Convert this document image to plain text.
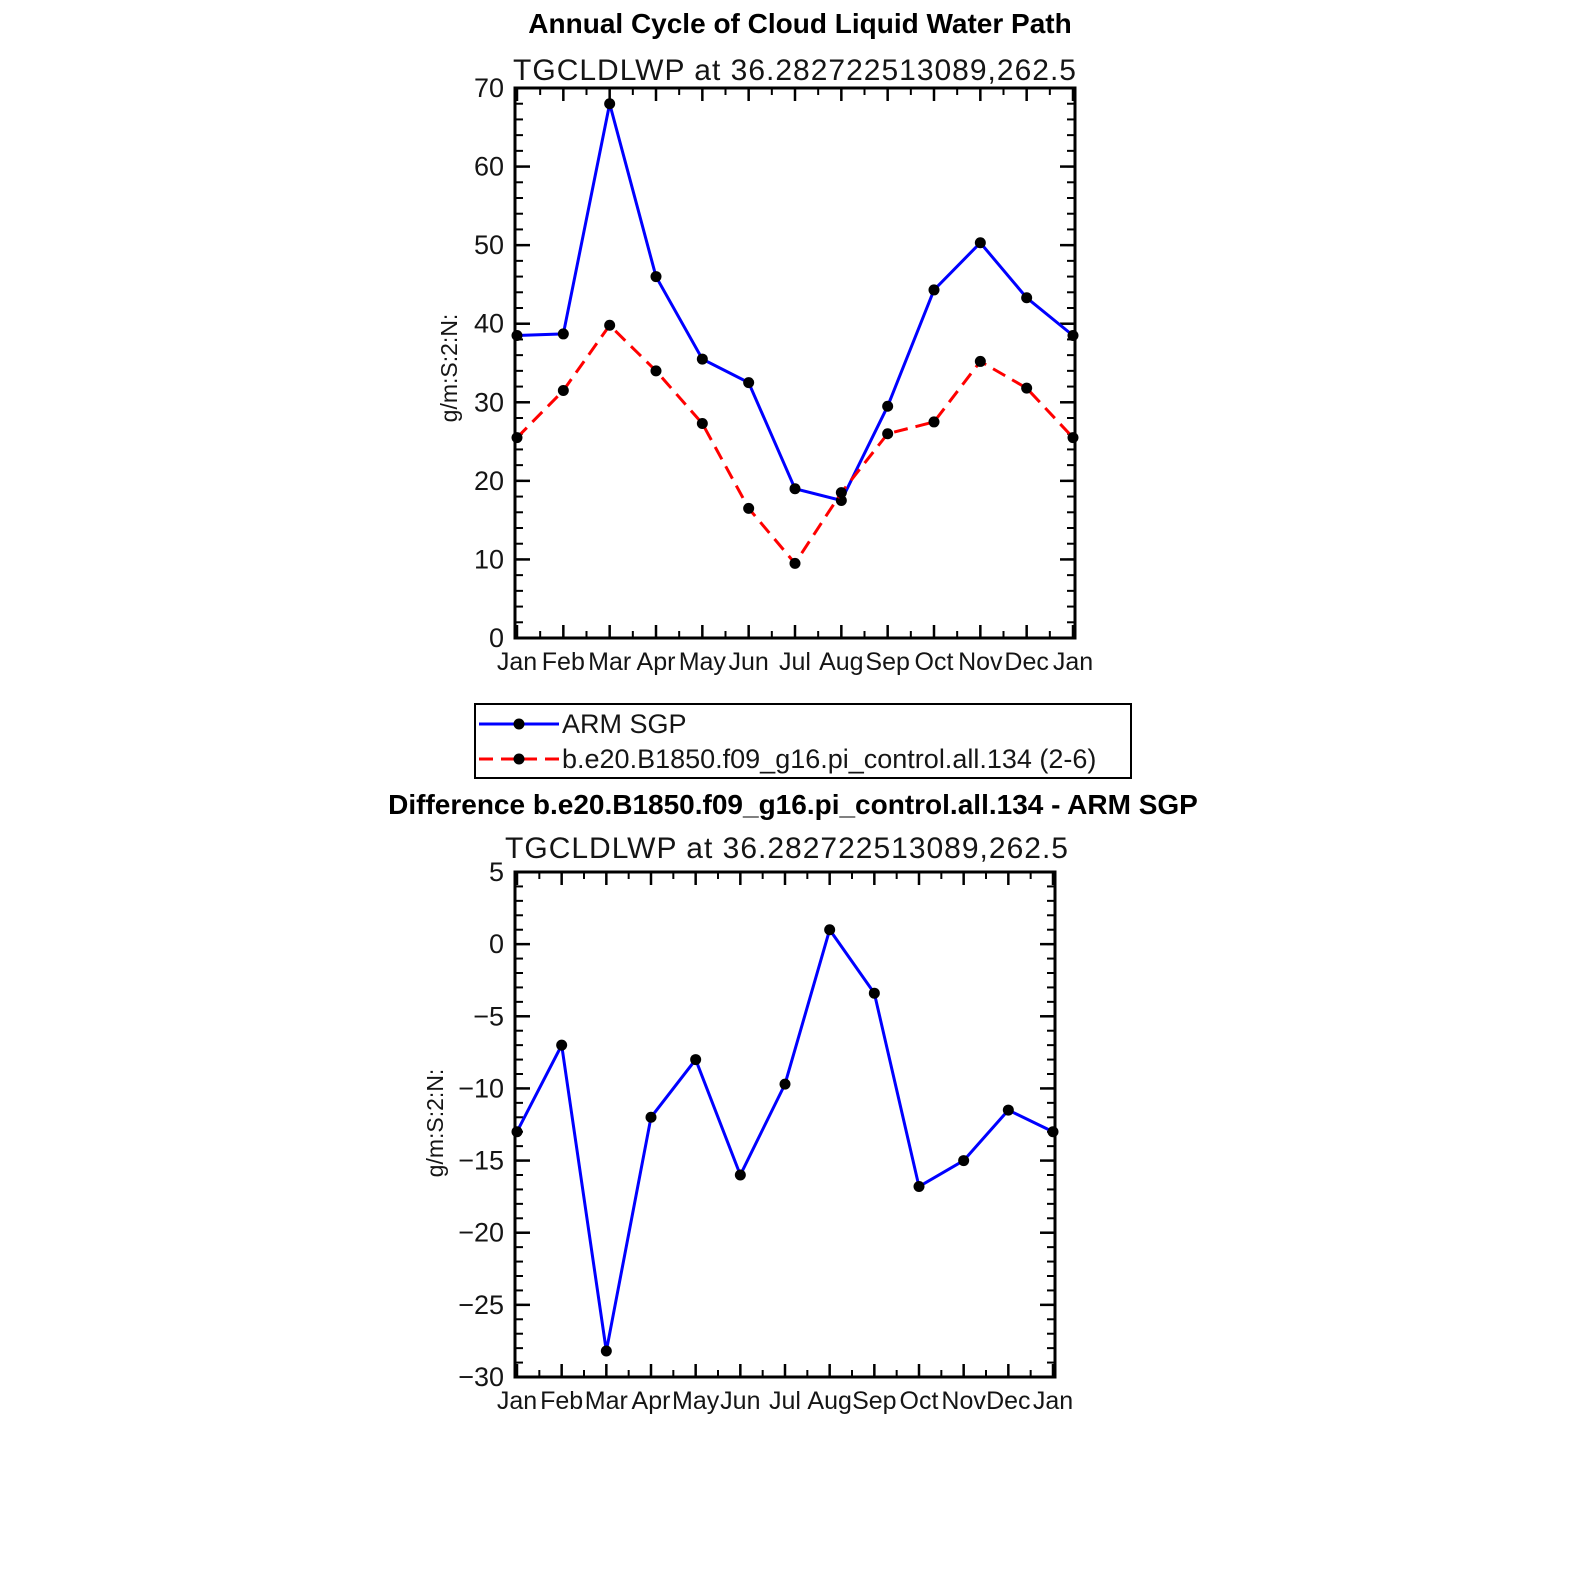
Annual Cycle of Cloud Liquid Water Path
TGCLDLWP at 36.282722513089,262.5
g/m:S:2:N:
0
10
20
30
40
50
60
70
Jan Feb Mar Apr May Jun Jul Aug Sep Oct Nov Dec Jan
ARM SGP
b.e20.B1850.f09_g16.pi_control.all.134 (2-6)
Difference b.e20.B1850.f09_g16.pi_control.all.134 - ARM SGP
TGCLDLWP at 36.282722513089,262.5
g/m:S:2:N:
−30
−25
−20
−15
−10
−5
0
5
Jan Feb Mar Apr May Jun Jul Aug Sep Oct Nov Dec Jan
